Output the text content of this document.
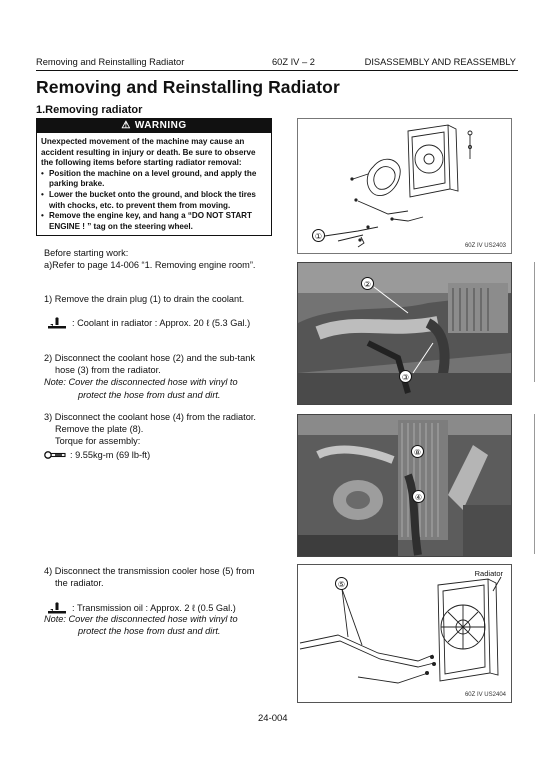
Removing and Reinstalling Radiator	60Z IV – 2	DISASSEMBLY AND REASSEMBLY
Removing and Reinstalling Radiator
1.Removing radiator
⚠ WARNING
Unexpected movement of the machine may cause an accident resulting in injury or death. Be sure to observe the following items before starting radiator removal:
• Position the machine on a level ground, and apply the parking brake.
• Lower the bucket onto the ground, and block the tires with chocks, etc. to prevent them from moving.
• Remove the engine key, and hang a “DO NOT START ENGINE ! ” tag on the steering wheel.
Before starting work:
a)Refer to page 14-006 “1. Removing engine room”.
1) Remove the drain plug (1) to drain the coolant.
: Coolant in radiator : Approx. 20 ℓ (5.3 Gal.)
2) Disconnect the coolant hose (2) and the sub-tank
hose (3) from the radiator.
Note: Cover the disconnected hose with vinyl to
protect the hose from dust and dirt.
3) Disconnect the coolant hose (4) from the radiator.
Remove the plate (8).
Torque for assembly:
: 9.55kg-m (69 lb-ft)
4) Disconnect the transmission cooler hose (5) from
the radiator.
: Transmission oil : Approx. 2 ℓ (0.5 Gal.)
Note: Cover the disconnected hose with vinyl to
protect the hose from dust and dirt.
①
60Z IV US2403
②
③
⑧
④
Radiator
⑤
60Z IV US2404
24-004
